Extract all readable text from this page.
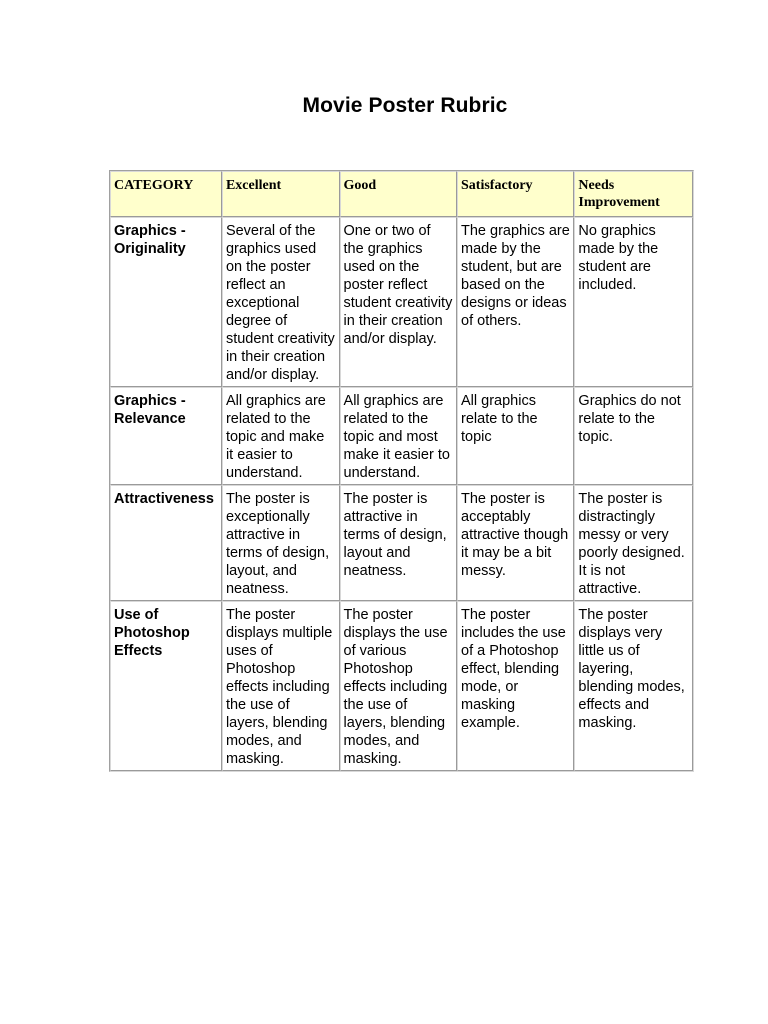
Movie Poster Rubric
CATEGORY	Excellent	Good	Satisfactory	Needs Improvement
Graphics - Originality	Several of the graphics used on the poster reflect an exceptional degree of student creativity in their creation and/or display.	One or two of the graphics used on the poster reflect student creativity in their creation and/or display.	The graphics are made by the student, but are based on the designs or ideas of others.	No graphics made by the student are included.
Graphics - Relevance	All graphics are related to the topic and make it easier to understand.	All graphics are related to the topic and most make it easier to understand.	All graphics relate to the topic	Graphics do not relate to the topic.
Attractiveness	The poster is exceptionally attractive in terms of design, layout, and neatness.	The poster is attractive in terms of design, layout and neatness.	The poster is acceptably attractive though it may be a bit messy.	The poster is distractingly messy or very poorly designed. It is not attractive.
Use of Photoshop Effects	The poster displays multiple uses of Photoshop effects including the use of layers, blending modes, and masking.	The poster displays the use of various Photoshop effects including the use of layers, blending modes, and masking.	The poster includes the use of a Photoshop effect, blending mode, or masking example.	The poster displays very little us of layering, blending modes, effects and masking.
